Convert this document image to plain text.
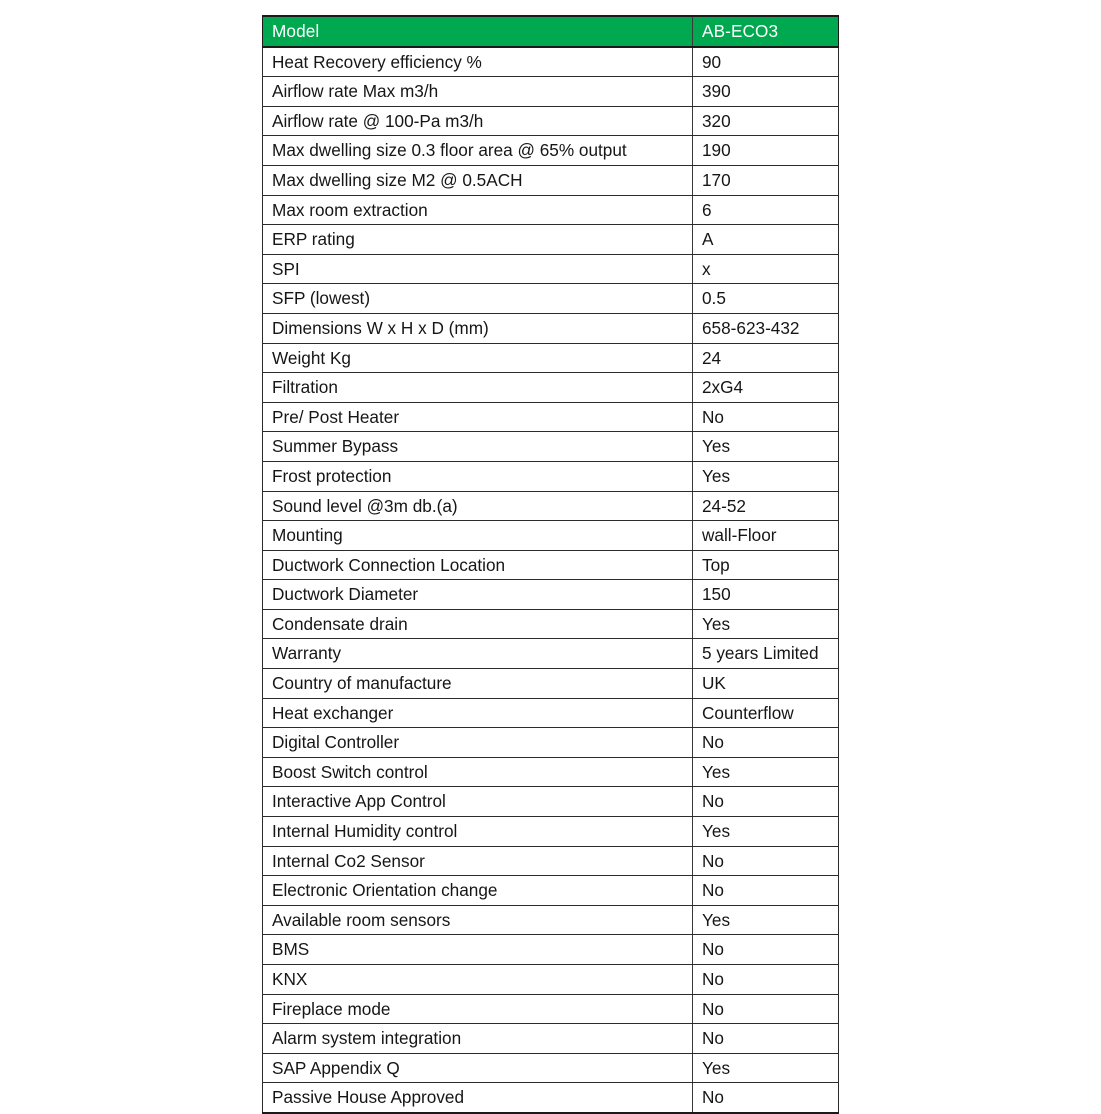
Model	AB-ECO3
Heat Recovery efficiency %	90
Airflow rate Max m3/h	390
Airflow rate @ 100-Pa m3/h	320
Max dwelling size 0.3 floor area @ 65% output	190
Max dwelling size M2 @ 0.5ACH	170
Max room extraction	6
ERP rating	A
SPI	x
SFP (lowest)	0.5
Dimensions W x H x D (mm)	658-623-432
Weight Kg	24
Filtration	2xG4
Pre/ Post Heater	No
Summer Bypass	Yes
Frost protection	Yes
Sound level @3m db.(a)	24-52
Mounting	wall-Floor
Ductwork Connection Location	Top
Ductwork Diameter	150
Condensate drain	Yes
Warranty	5 years Limited
Country of manufacture	UK
Heat exchanger	Counterflow
Digital Controller	No
Boost Switch control	Yes
Interactive App Control	No
Internal Humidity control	Yes
Internal Co2 Sensor	No
Electronic Orientation change	No
Available room sensors	Yes
BMS	No
KNX	No
Fireplace mode	No
Alarm system integration	No
SAP Appendix Q	Yes
Passive House Approved	No
